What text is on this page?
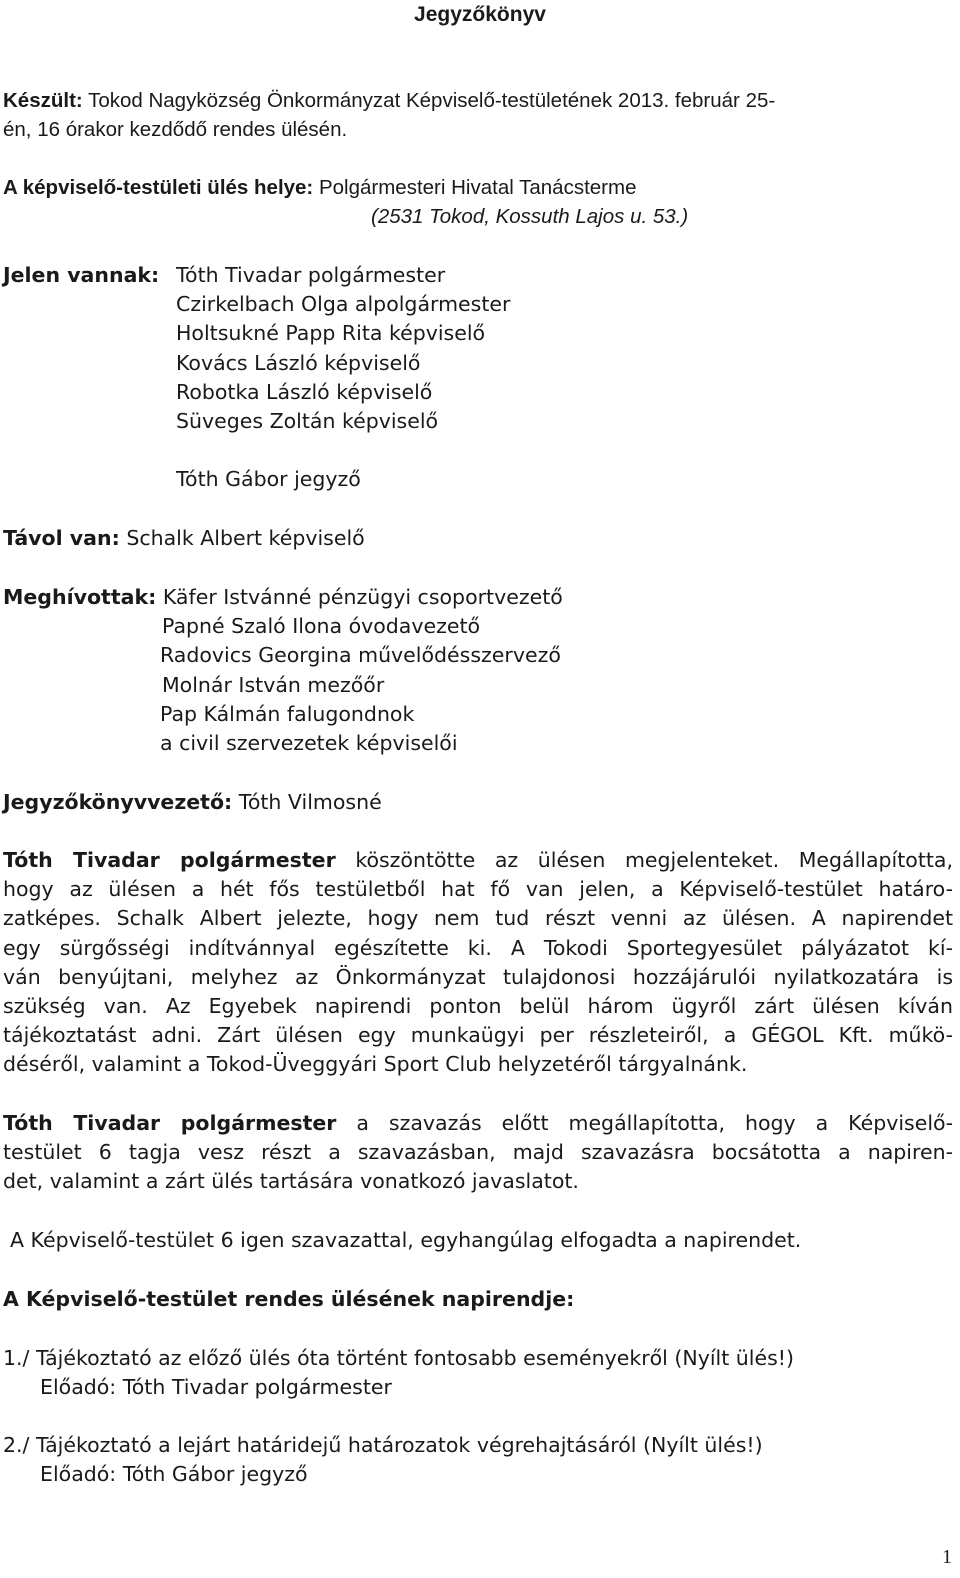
Jegyzőkönyv
Készült: Tokod Nagyközség Önkormányzat Képviselő-testületének 2013. február 25-
én, 16 órakor kezdődő rendes ülésén.
A képviselő-testületi ülés helye: Polgármesteri Hivatal Tanácsterme
(2531 Tokod, Kossuth Lajos u. 53.)
Jelen vannak: Tóth Tivadar polgármester
Czirkelbach Olga alpolgármester
Holtsukné Papp Rita képviselő
Kovács László képviselő
Robotka László képviselő
Süveges Zoltán képviselő
Tóth Gábor jegyző
Távol van: Schalk Albert képviselő
Meghívottak: Käfer Istvánné pénzügyi csoportvezető
Papné Szaló Ilona óvodavezető
Radovics Georgina művelődésszervező
Molnár István mezőőr
Pap Kálmán falugondnok
a civil szervezetek képviselői
Jegyzőkönyvvezető: Tóth Vilmosné
Tóth Tivadar polgármester köszöntötte az ülésen megjelenteket. Megállapította,
hogy az ülésen a hét fős testületből hat fő van jelen, a Képviselő-testület határo-
zatképes. Schalk Albert jelezte, hogy nem tud részt venni az ülésen. A napirendet
egy sürgősségi indítvánnyal egészítette ki. A Tokodi Sportegyesület pályázatot kí-
ván benyújtani, melyhez az Önkormányzat tulajdonosi hozzájárulói nyilatkozatára is
szükség van. Az Egyebek napirendi ponton belül három ügyről zárt ülésen kíván
tájékoztatást adni. Zárt ülésen egy munkaügyi per részleteiről, a GÉGOL Kft. műkö-
déséről, valamint a Tokod-Üveggyári Sport Club helyzetéről tárgyalnánk.
Tóth Tivadar polgármester a szavazás előtt megállapította, hogy a Képviselő-
testület 6 tagja vesz részt a szavazásban, majd szavazásra bocsátotta a napiren-
det, valamint a zárt ülés tartására vonatkozó javaslatot.
A Képviselő-testület 6 igen szavazattal, egyhangúlag elfogadta a napirendet.
A Képviselő-testület rendes ülésének napirendje:
1./ Tájékoztató az előző ülés óta történt fontosabb eseményekről (Nyílt ülés!)
Előadó: Tóth Tivadar polgármester
2./ Tájékoztató a lejárt határidejű határozatok végrehajtásáról (Nyílt ülés!)
Előadó: Tóth Gábor jegyző
1
